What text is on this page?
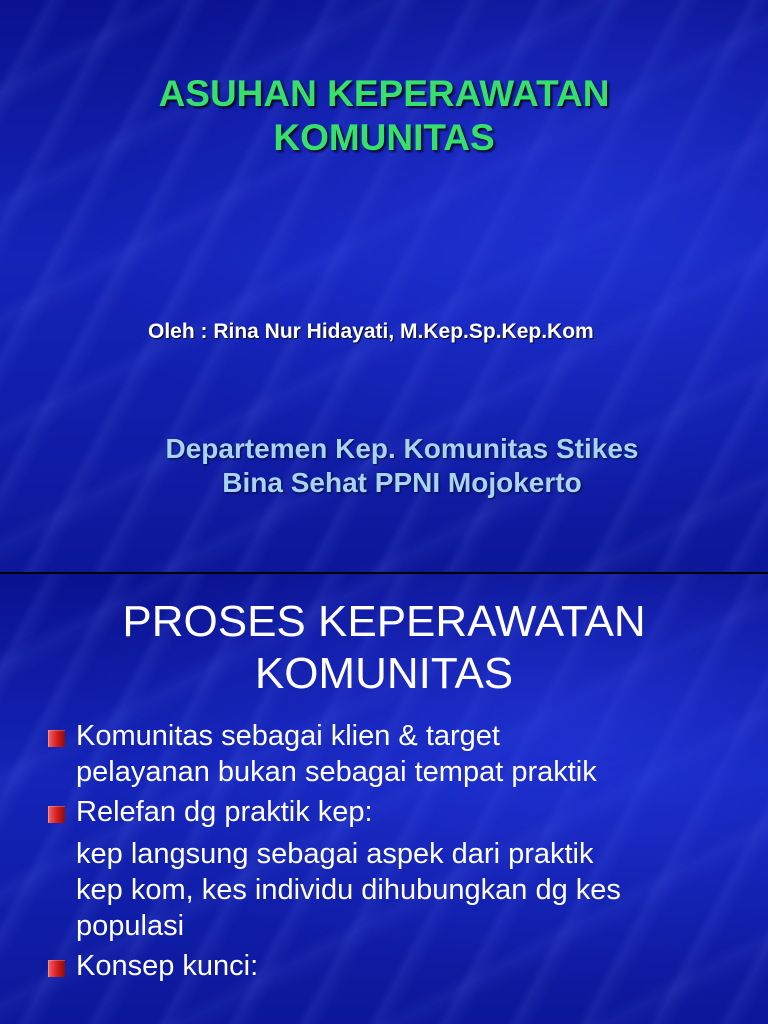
ASUHAN KEPERAWATAN
KOMUNITAS
Oleh : Rina Nur Hidayati, M.Kep.Sp.Kep.Kom
Departemen Kep. Komunitas Stikes
Bina Sehat PPNI Mojokerto
PROSES KEPERAWATAN
KOMUNITAS
Komunitas sebagai klien & target
pelayanan bukan sebagai tempat praktik
Relefan dg praktik kep:
kep langsung sebagai aspek dari praktik
kep kom, kes individu dihubungkan dg kes
populasi
Konsep kunci:
